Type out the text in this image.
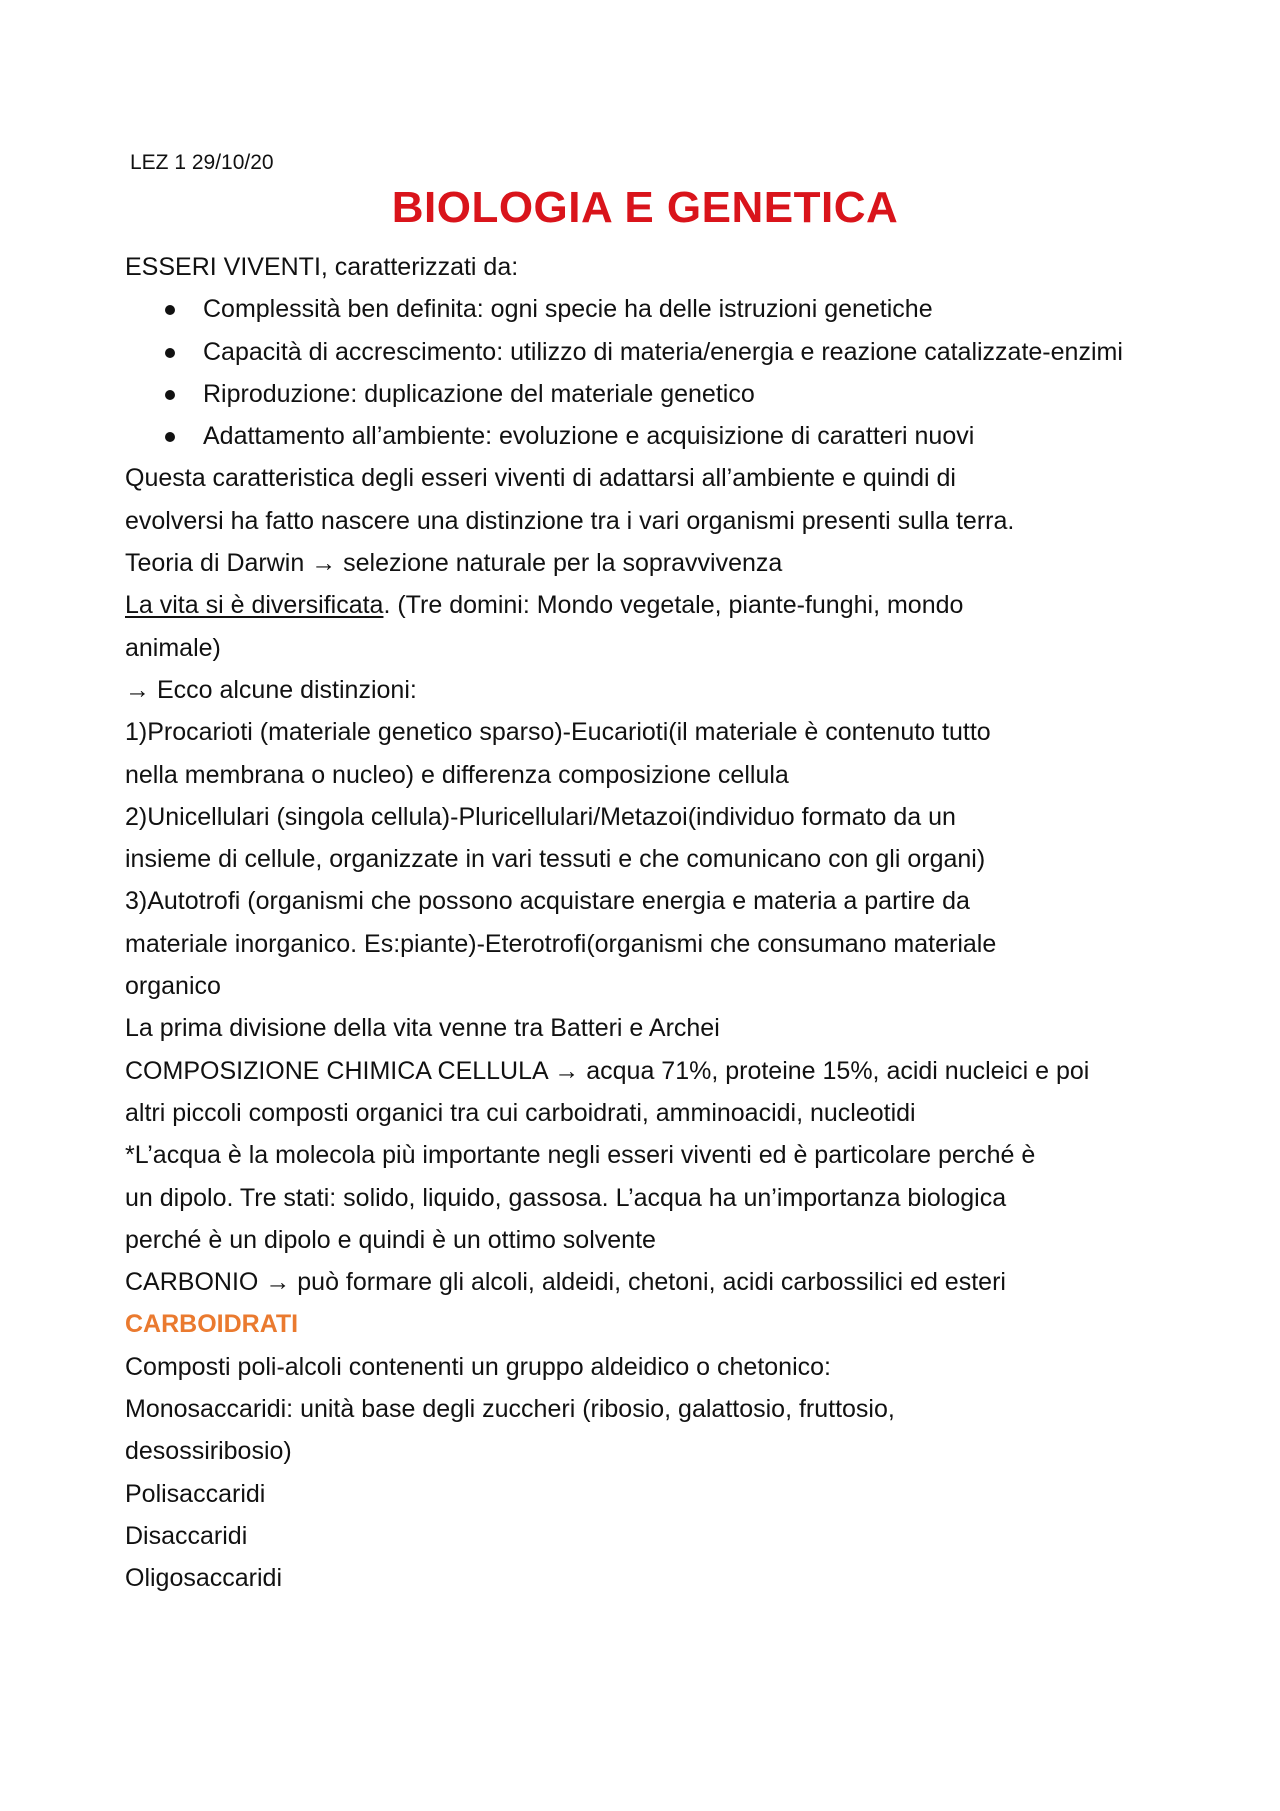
LEZ 1 29/10/20
BIOLOGIA E GENETICA
ESSERI VIVENTI, caratterizzati da:
Complessità ben definita: ogni specie ha delle istruzioni genetiche
Capacità di accrescimento: utilizzo di materia/energia e reazione catalizzate-enzimi
Riproduzione: duplicazione del materiale genetico
Adattamento all’ambiente: evoluzione e acquisizione di caratteri nuovi
Questa caratteristica degli esseri viventi di adattarsi all’ambiente e quindi di
evolversi ha fatto nascere una distinzione tra i vari organismi presenti sulla terra.
Teoria di Darwin → selezione naturale per la sopravvivenza
La vita si è diversificata. (Tre domini: Mondo vegetale, piante-funghi, mondo
animale)
→ Ecco alcune distinzioni:
1)Procarioti (materiale genetico sparso)-Eucarioti(il materiale è contenuto tutto
nella membrana o nucleo) e differenza composizione cellula
2)Unicellulari (singola cellula)-Pluricellulari/Metazoi(individuo formato da un
insieme di cellule, organizzate in vari tessuti e che comunicano con gli organi)
3)Autotrofi (organismi che possono acquistare energia e materia a partire da
materiale inorganico. Es:piante)-Eterotrofi(organismi che consumano materiale
organico
La prima divisione della vita venne tra Batteri e Archei
COMPOSIZIONE CHIMICA CELLULA → acqua 71%, proteine 15%, acidi nucleici e poi
altri piccoli composti organici tra cui carboidrati, amminoacidi, nucleotidi
*L’acqua è la molecola più importante negli esseri viventi ed è particolare perché è
un dipolo. Tre stati: solido, liquido, gassosa. L’acqua ha un’importanza biologica
perché è un dipolo e quindi è un ottimo solvente
CARBONIO → può formare gli alcoli, aldeidi, chetoni, acidi carbossilici ed esteri
CARBOIDRATI
Composti poli-alcoli contenenti un gruppo aldeidico o chetonico:
Monosaccaridi: unità base degli zuccheri (ribosio, galattosio, fruttosio,
desossiribosio)
Polisaccaridi
Disaccaridi
Oligosaccaridi
